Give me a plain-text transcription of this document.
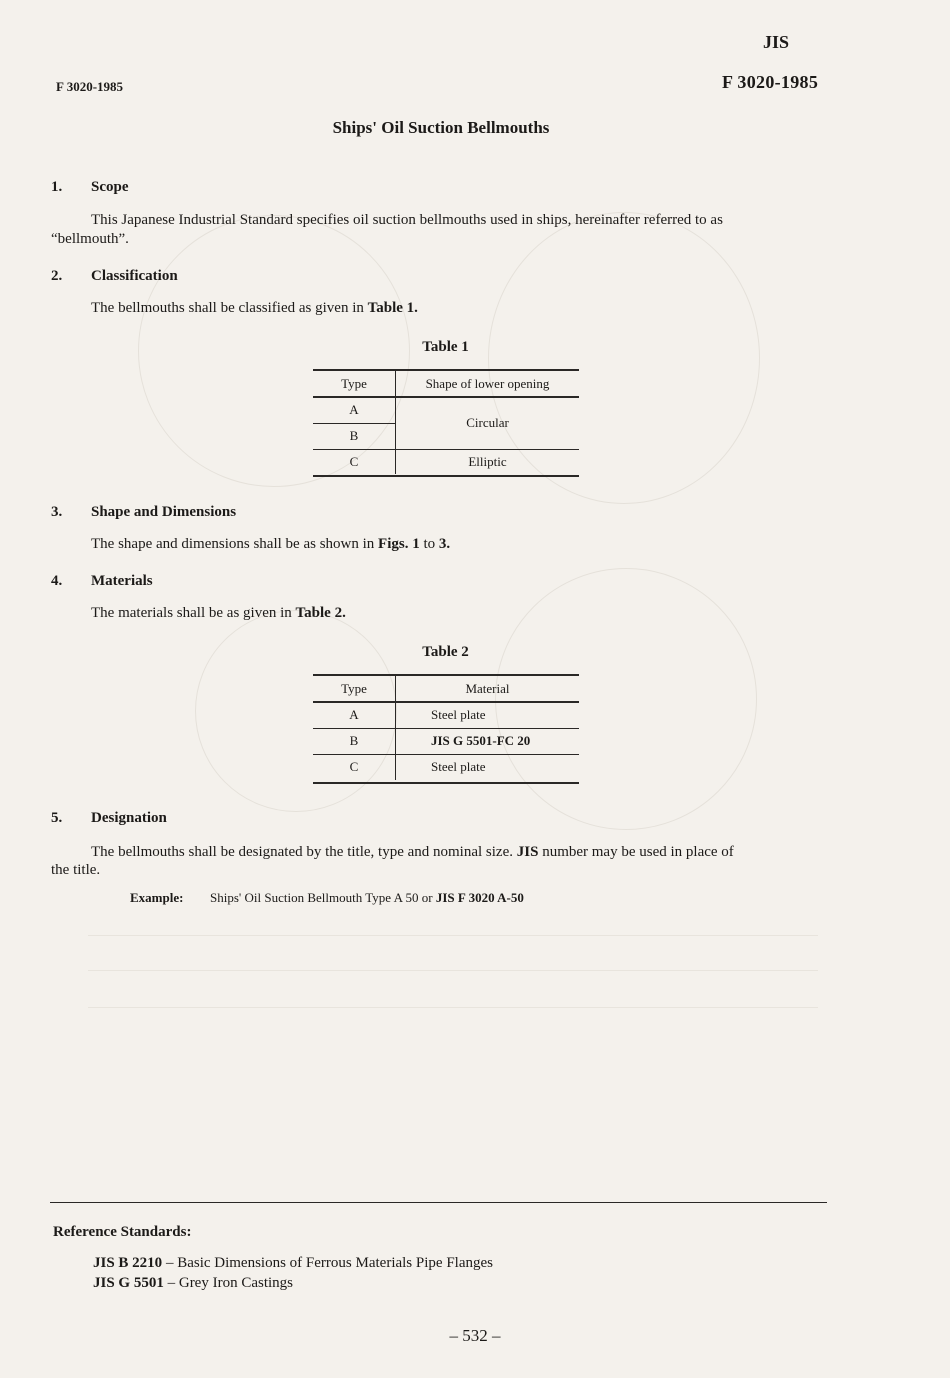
JIS
F 3020-1985
F 3020-1985
Ships' Oil Suction Bellmouths
1. Scope
This Japanese Industrial Standard specifies oil suction bellmouths used in ships, hereinafter referred to as
“bellmouth”.
2. Classification
The bellmouths shall be classified as given in Table 1.
Table 1
Type	Shape of lower opening
A	Circular
B	
C	Elliptic
3. Shape and Dimensions
The shape and dimensions shall be as shown in Figs. 1 to 3.
4. Materials
The materials shall be as given in Table 2.
Table 2
Type	Material
A	Steel plate
B	JIS G 5501-FC 20
C	Steel plate
5. Designation
The bellmouths shall be designated by the title, type and nominal size. JIS number may be used in place of
the title.
Example: Ships' Oil Suction Bellmouth Type A 50 or JIS F 3020 A-50
Reference Standards:
JIS B 2210 – Basic Dimensions of Ferrous Materials Pipe Flanges
JIS G 5501 – Grey Iron Castings
– 532 –
